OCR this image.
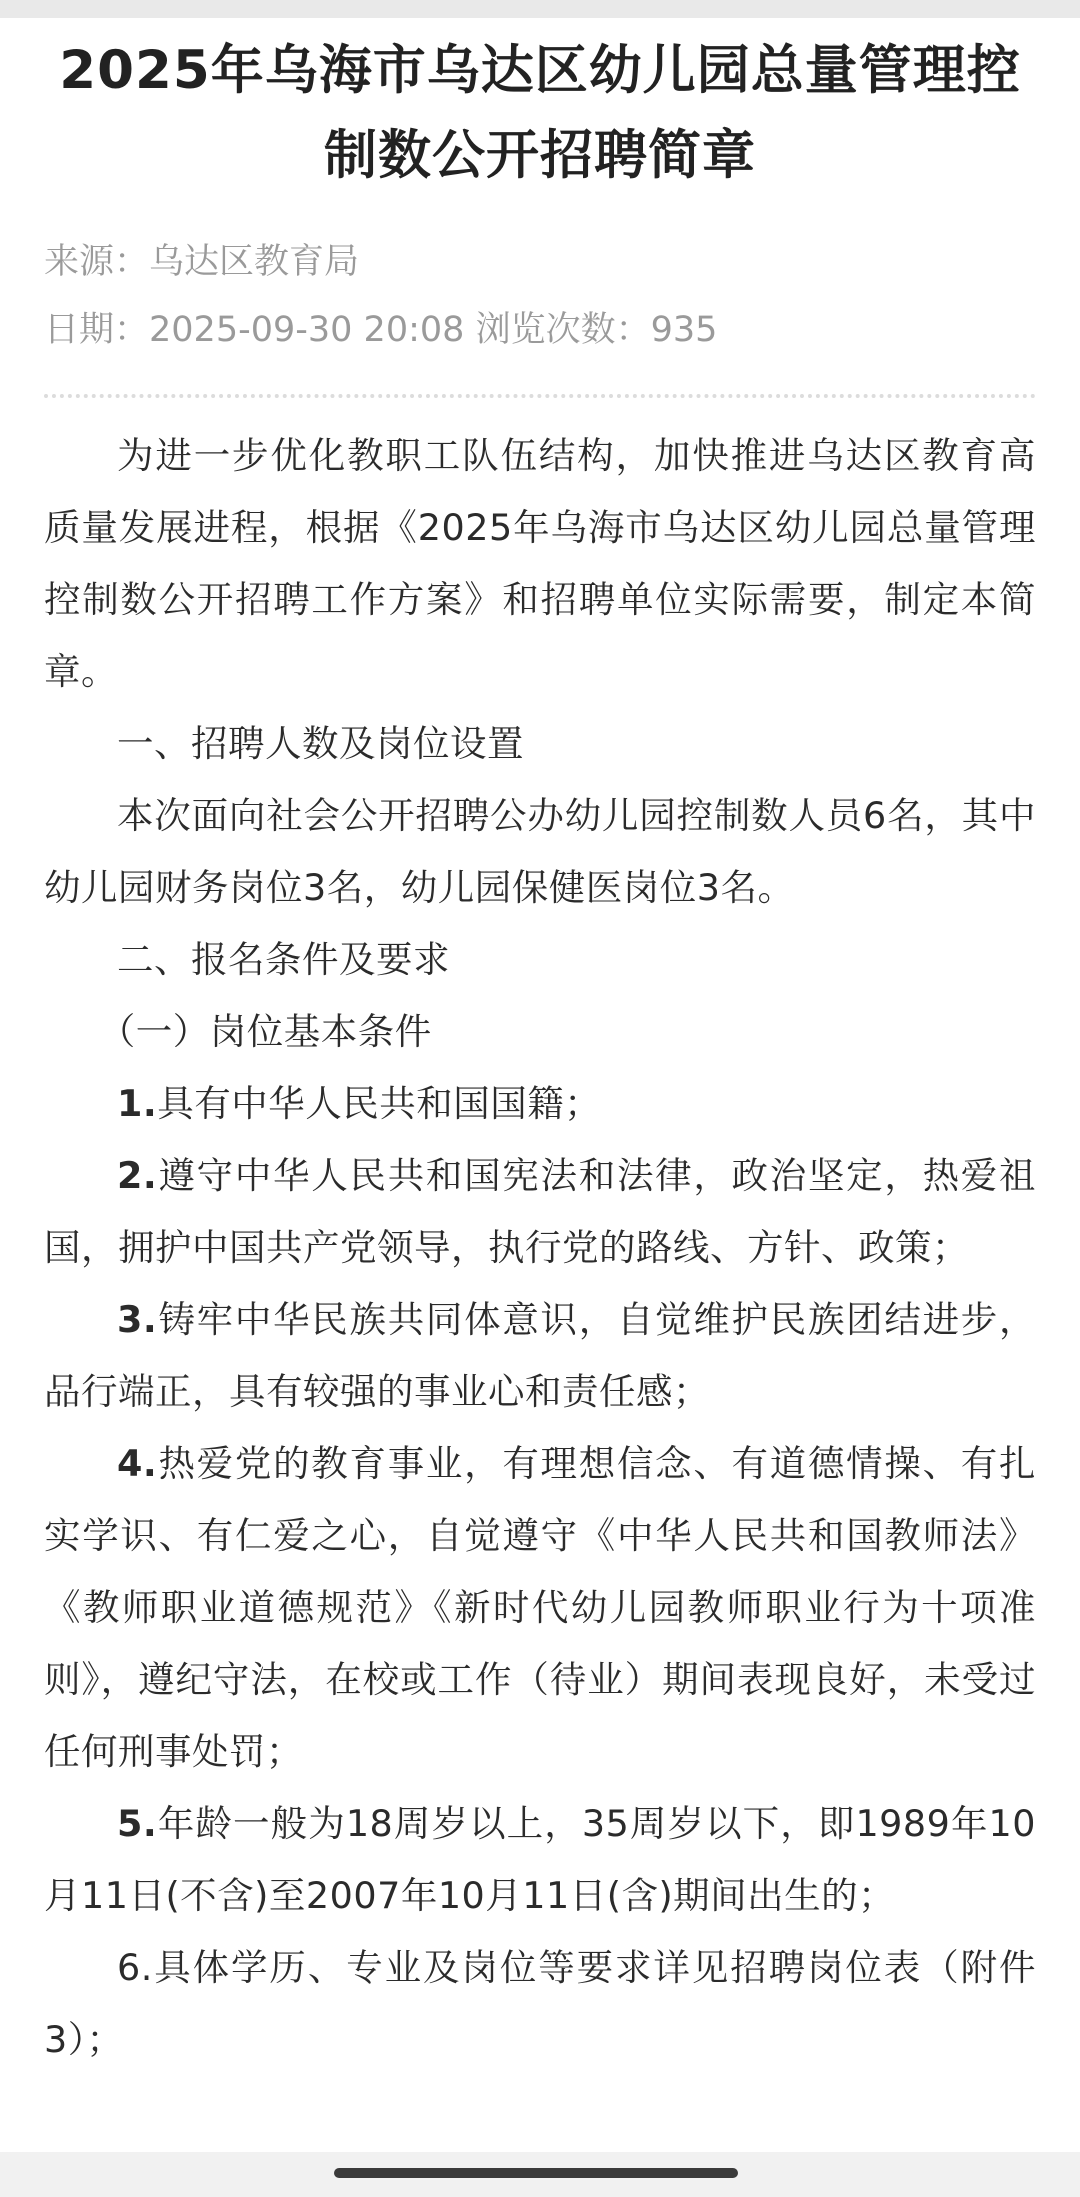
2025年乌海市乌达区幼儿园总量管理控制数公开招聘简章
来源：乌达区教育局
日期：2025-09-30 20:08 浏览次数：935

为进一步优化教职工队伍结构，加快推进乌达区教育高质量发展进程，根据《2025年乌海市乌达区幼儿园总量管理控制数公开招聘工作方案》和招聘单位实际需要，制定本简章。

一、招聘人数及岗位设置

本次面向社会公开招聘公办幼儿园控制数人员6名，其中幼儿园财务岗位3名，幼儿园保健医岗位3名。

二、报名条件及要求

（一）岗位基本条件

1.具有中华人民共和国国籍；

2.遵守中华人民共和国宪法和法律，政治坚定，热爱祖国，拥护中国共产党领导，执行党的路线、方针、政策；

3.铸牢中华民族共同体意识，自觉维护民族团结进步，品行端正，具有较强的事业心和责任感；

4.热爱党的教育事业，有理想信念、有道德情操、有扎实学识、有仁爱之心，自觉遵守《中华人民共和国教师法》《教师职业道德规范》《新时代幼儿园教师职业行为十项准则》，遵纪守法，在校或工作（待业）期间表现良好，未受过任何刑事处罚；

5.年龄一般为18周岁以上，35周岁以下，即1989年10月11日(不含)至2007年10月11日(含)期间出生的；

6.具体学历、专业及岗位等要求详见招聘岗位表（附件3）；
